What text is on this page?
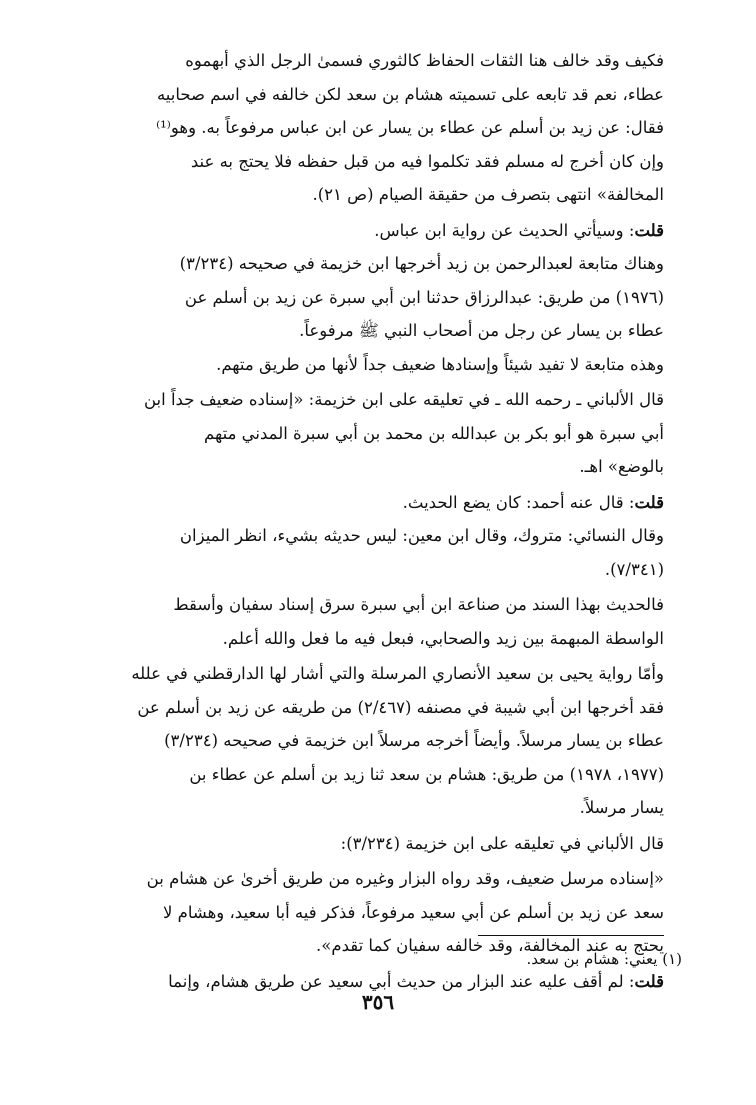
فكيف وقد خالف هنا الثقات الحفاظ كالثوري فسمىٰ الرجل الذي أبهموه
عطاء، نعم قد تابعه على تسميته هشام بن سعد لكن خالفه في اسم صحابيه
فقال: عن زيد بن أسلم عن عطاء بن يسار عن ابن عباس مرفوعاً به. وهو⁽¹⁾
وإن كان أخرج له مسلم فقد تكلموا فيه من قبل حفظه فلا يحتج به عند
المخالفة» انتهى بتصرف من حقيقة الصيام (ص ٢١).
قلت: وسيأتي الحديث عن رواية ابن عباس.
وهناك متابعة لعبدالرحمن بن زيد أخرجها ابن خزيمة في صحيحه (٣/٢٣٤)
(١٩٧٦) من طريق: عبدالرزاق حدثنا ابن أبي سبرة عن زيد بن أسلم عن
عطاء بن يسار عن رجل من أصحاب النبي ﷺ مرفوعاً.
وهذه متابعة لا تفيد شيئاً وإسنادها ضعيف جداً لأنها من طريق متهم.
قال الألباني ـ رحمه الله ـ في تعليقه على ابن خزيمة: «إسناده ضعيف جداً ابن
أبي سبرة هو أبو بكر بن عبدالله بن محمد بن أبي سبرة المدني متهم
بالوضع» اهـ.
قلت: قال عنه أحمد: كان يضع الحديث.
وقال النسائي: متروك، وقال ابن معين: ليس حديثه بشيء، انظر الميزان
(٧/٣٤١).
فالحديث بهذا السند من صناعة ابن أبي سبرة سرق إسناد سفيان وأسقط
الواسطة المبهمة بين زيد والصحابي، فبعل فيه ما فعل والله أعلم.
وأمّا رواية يحيى بن سعيد الأنصاري المرسلة والتي أشار لها الدارقطني في علله
فقد أخرجها ابن أبي شيبة في مصنفه (٢/٤٦٧) من طريقه عن زيد بن أسلم عن
عطاء بن يسار مرسلاً. وأيضاً أخرجه مرسلاً ابن خزيمة في صحيحه (٣/٢٣٤)
(١٩٧٧، ١٩٧٨) من طريق: هشام بن سعد ثنا زيد بن أسلم عن عطاء بن
يسار مرسلاً.
قال الألباني في تعليقه على ابن خزيمة (٣/٢٣٤):
«إسناده مرسل ضعيف، وقد رواه البزار وغيره من طريق أخرىٰ عن هشام بن
سعد عن زيد بن أسلم عن أبي سعيد مرفوعاً، فذكر فيه أبا سعيد، وهشام لا
يحتج به عند المخالفة، وقد خالفه سفيان كما تقدم».
قلت: لم أقف عليه عند البزار من حديث أبي سعيد عن طريق هشام، وإنما
(١) يعني: هشام بن سعد.
٣٥٦
